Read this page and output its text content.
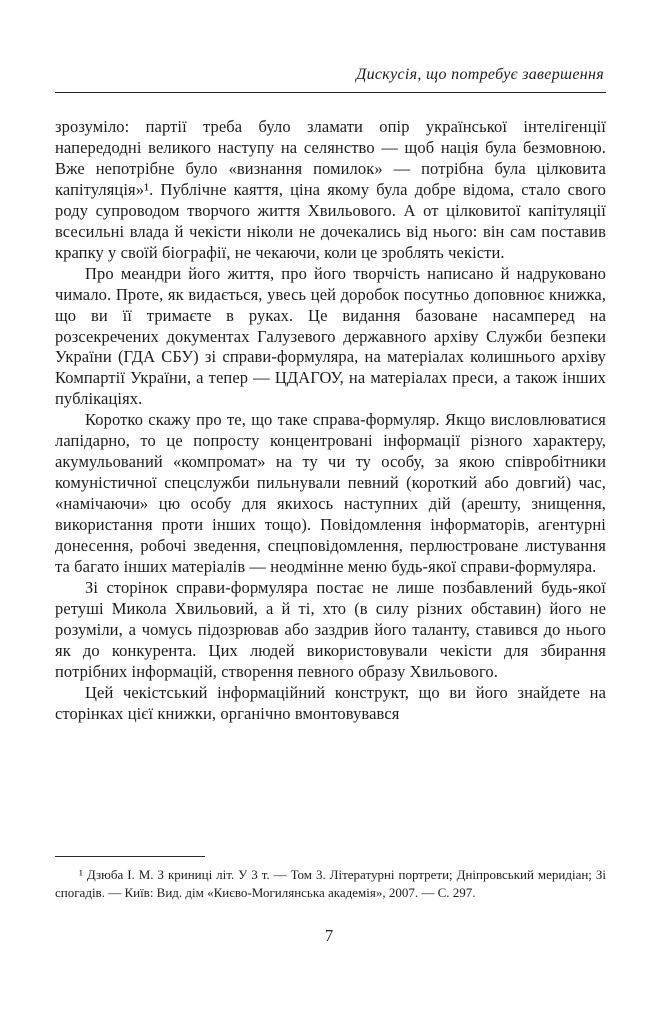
Дискусія, що потребує завершення

зрозуміло: партії треба було зламати опір української інтелігенції напередодні великого наступу на селянство — щоб нація була безмовною. Вже непотрібне було «визнання помилок» — потрібна була цілковита капітуляція»¹. Публічне каяття, ціна якому була добре відома, стало свого роду супроводом творчого життя Хвильового. А от цілковитої капітуляції всесильні влада й чекісти ніколи не дочекались від нього: він сам поставив крапку у своїй біографії, не чекаючи, коли це зроблять чекісти.

Про меандри його життя, про його творчість написано й надруковано чимало. Проте, як видається, увесь цей доробок посутньо доповнює книжка, що ви її тримаєте в руках. Це видання базоване насамперед на розсекречених документах Галузевого державного архіву Служби безпеки України (ГДА СБУ) зі справи-формуляра, на матеріалах колишнього архіву Компартії України, а тепер — ЦДАГОУ, на матеріалах преси, а також інших публікаціях.

Коротко скажу про те, що таке справа-формуляр. Якщо висловлюватися лапідарно, то це попросту концентровані інформації різного характеру, акумульований «компромат» на ту чи ту особу, за якою співробітники комуністичної спецслужби пильнували певний (короткий або довгий) час, «намічаючи» цю особу для якихось наступних дій (арешту, знищення, використання проти інших тощо). Повідомлення інформаторів, агентурні донесення, робочі зведення, спецповідомлення, перлюстроване листування та багато інших матеріалів — неодмінне меню будь-якої справи-формуляра.

Зі сторінок справи-формуляра постає не лише позбавлений будь-якої ретуші Микола Хвильовий, а й ті, хто (в силу різних обставин) його не розуміли, а чомусь підозрював або заздрив його таланту, ставився до нього як до конкурента. Цих людей використовували чекісти для збирання потрібних інформацій, створення певного образу Хвильового.

Цей чекістський інформаційний конструкт, що ви його знайдете на сторінках цієї книжки, органічно вмонтовувався

¹ Дзюба І. М. З криниці літ. У 3 т. — Том 3. Літературні портрети; Дніпровський меридіан; Зі спогадів. — Київ: Вид. дім «Києво-Могилянська академія», 2007. — С. 297.

7
